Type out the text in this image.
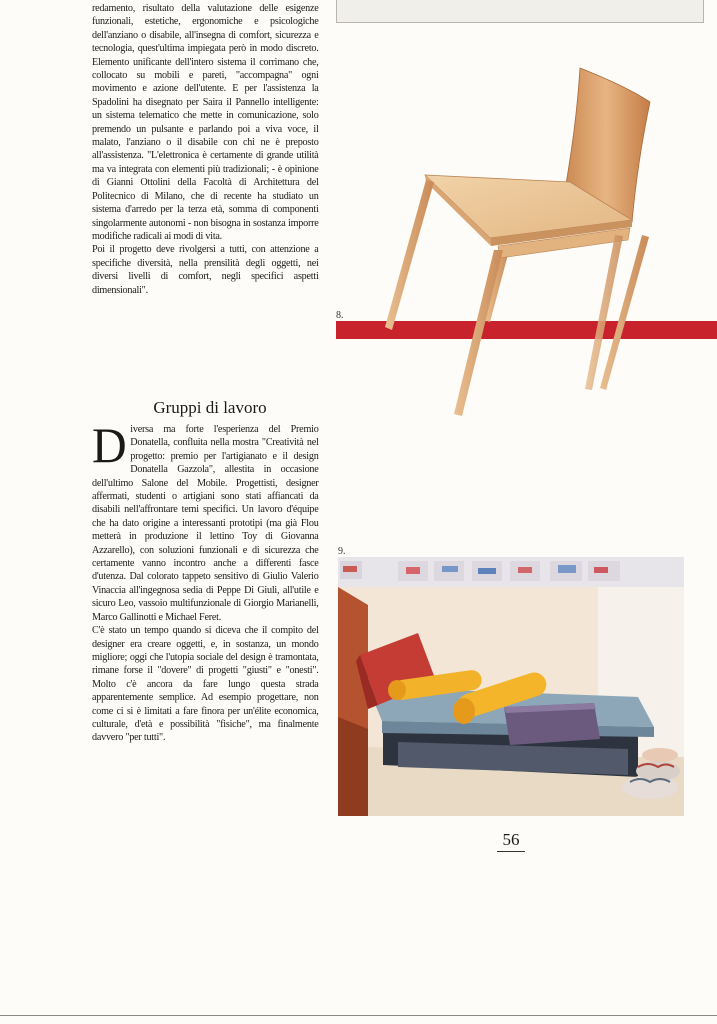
redamento, risultato della valutazione delle esigenze funzionali, estetiche, ergonomiche e psicologiche dell'anziano o disabile, all'insegna di comfort, sicurezza e tecnologia, quest'ultima impiegata però in modo discreto. Elemento unificante dell'intero sistema il corrimano che, collocato su mobili e pareti, "accompagna" ogni movimento e azione dell'utente. E per l'assistenza la Spadolini ha disegnato per Saira il Pannello intelligente: un sistema telematico che mette in comunicazione, solo premendo un pulsante e parlando poi a viva voce, il malato, l'anziano o il disabile con chi ne è preposto all'assistenza. "L'elettronica è certamente di grande utilità ma va integrata con elementi più tradizionali; - è opinione di Gianni Ottolini della Facoltà di Architettura del Politecnico di Milano, che di recente ha studiato un sistema d'arredo per la terza età, somma di componenti singolarmente autonomi - non bisogna in sostanza imporre modifiche radicali ai modi di vita.

Poi il progetto deve rivolgersi a tutti, con attenzione a specifiche diversità, nella prensilità degli oggetti, nei diversi livelli di comfort, negli specifici aspetti dimensionali".

Gruppi di lavoro

Diversa ma forte l'esperienza del Premio Donatella, confluita nella mostra "Creatività nel progetto: premio per l'artigianato e il design Donatella Gazzola", allestita in occasione dell'ultimo Salone del Mobile. Progettisti, designer affermati, studenti o artigiani sono stati affiancati da disabili nell'affrontare temi specifici. Un lavoro d'équipe che ha dato origine a interessanti prototipi (ma già Flou metterà in produzione il lettino Toy di Giovanna Azzarello), con soluzioni funzionali e di sicurezza che certamente vanno incontro anche a differenti fasce d'utenza. Dal colorato tappeto sensitivo di Giulio Valerio Vinaccia all'ingegnosa sedia di Peppe Di Giuli, all'utile e sicuro Leo, vassoio multifunzionale di Giorgio Marianelli, Marco Gallinotti e Michael Feret.

C'è stato un tempo quando si diceva che il compito del designer era creare oggetti, e, in sostanza, un mondo migliore; oggi che l'utopia sociale del design è tramontata, rimane forse il "dovere" di progetti "giusti" e "onesti". Molto c'è ancora da fare lungo questa strada apparentemente semplice. Ad esempio progettare, non come ci si è limitati a fare finora per un'élite economica, culturale, d'età e possibilità "fisiche", ma finalmente davvero "per tutti".

8.
9.
56
